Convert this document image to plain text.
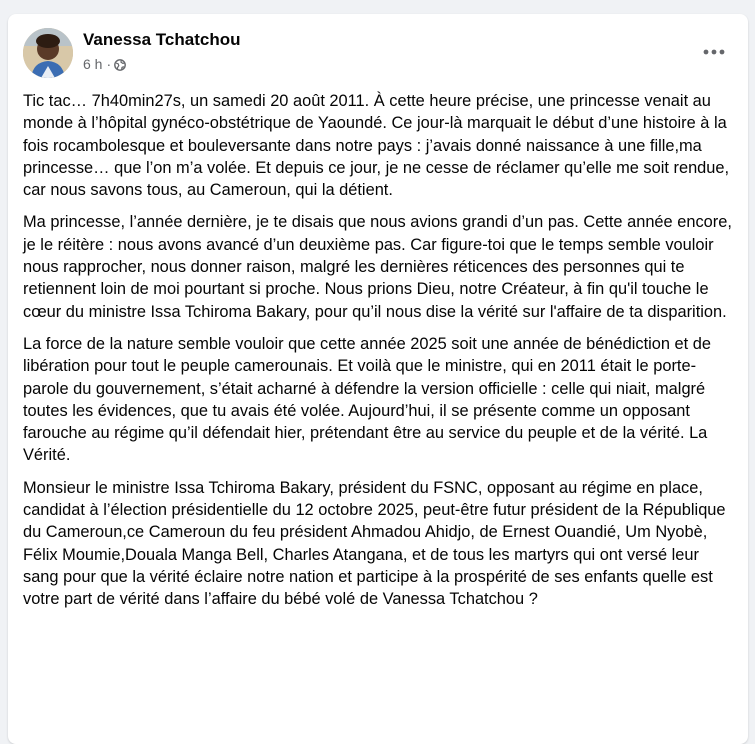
Vanessa Tchatchou
6 h ·

Tic tac… 7h40min27s, un samedi 20 août 2011. À cette heure précise, une princesse venait au monde à l’hôpital gynéco-obstétrique de Yaoundé. Ce jour-là marquait le début d’une histoire à la fois rocambolesque et bouleversante dans notre pays : j’avais donné naissance à une fille,ma princesse… que l’on m’a volée. Et depuis ce jour, je ne cesse de réclamer qu’elle me soit rendue, car nous savons tous, au Cameroun, qui la détient.

Ma princesse, l’année dernière, je te disais que nous avions grandi d’un pas. Cette année encore, je le réitère : nous avons avancé d’un deuxième pas. Car figure-toi que le temps semble vouloir nous rapprocher, nous donner raison, malgré les dernières réticences des personnes qui te retiennent loin de moi pourtant si proche. Nous prions Dieu, notre Créateur, à fin qu'il touche le cœur du ministre Issa Tchiroma Bakary, pour qu’il nous dise la vérité sur l'affaire de ta disparition.

La force de la nature semble vouloir que cette année 2025 soit une année de bénédiction et de libération pour tout le peuple camerounais. Et voilà que le ministre, qui en 2011 était le porte-parole du gouvernement, s’était acharné à défendre la version officielle : celle qui niait, malgré toutes les évidences, que tu avais été volée. Aujourd’hui, il se présente comme un opposant farouche au régime qu’il défendait hier, prétendant être au service du peuple et de la vérité. La Vérité.

Monsieur le ministre Issa Tchiroma Bakary, président du FSNC, opposant au régime en place, candidat à l’élection présidentielle du 12 octobre 2025, peut-être futur président de la République du Cameroun,ce Cameroun du feu président Ahmadou Ahidjo, de Ernest Ouandié, Um Nyobè, Félix Moumie,Douala Manga Bell, Charles Atangana, et de tous les martyrs qui ont versé leur sang pour que la vérité éclaire notre nation et participe à la prospérité de ses enfants quelle est votre part de vérité dans l’affaire du bébé volé de Vanessa Tchatchou ?
